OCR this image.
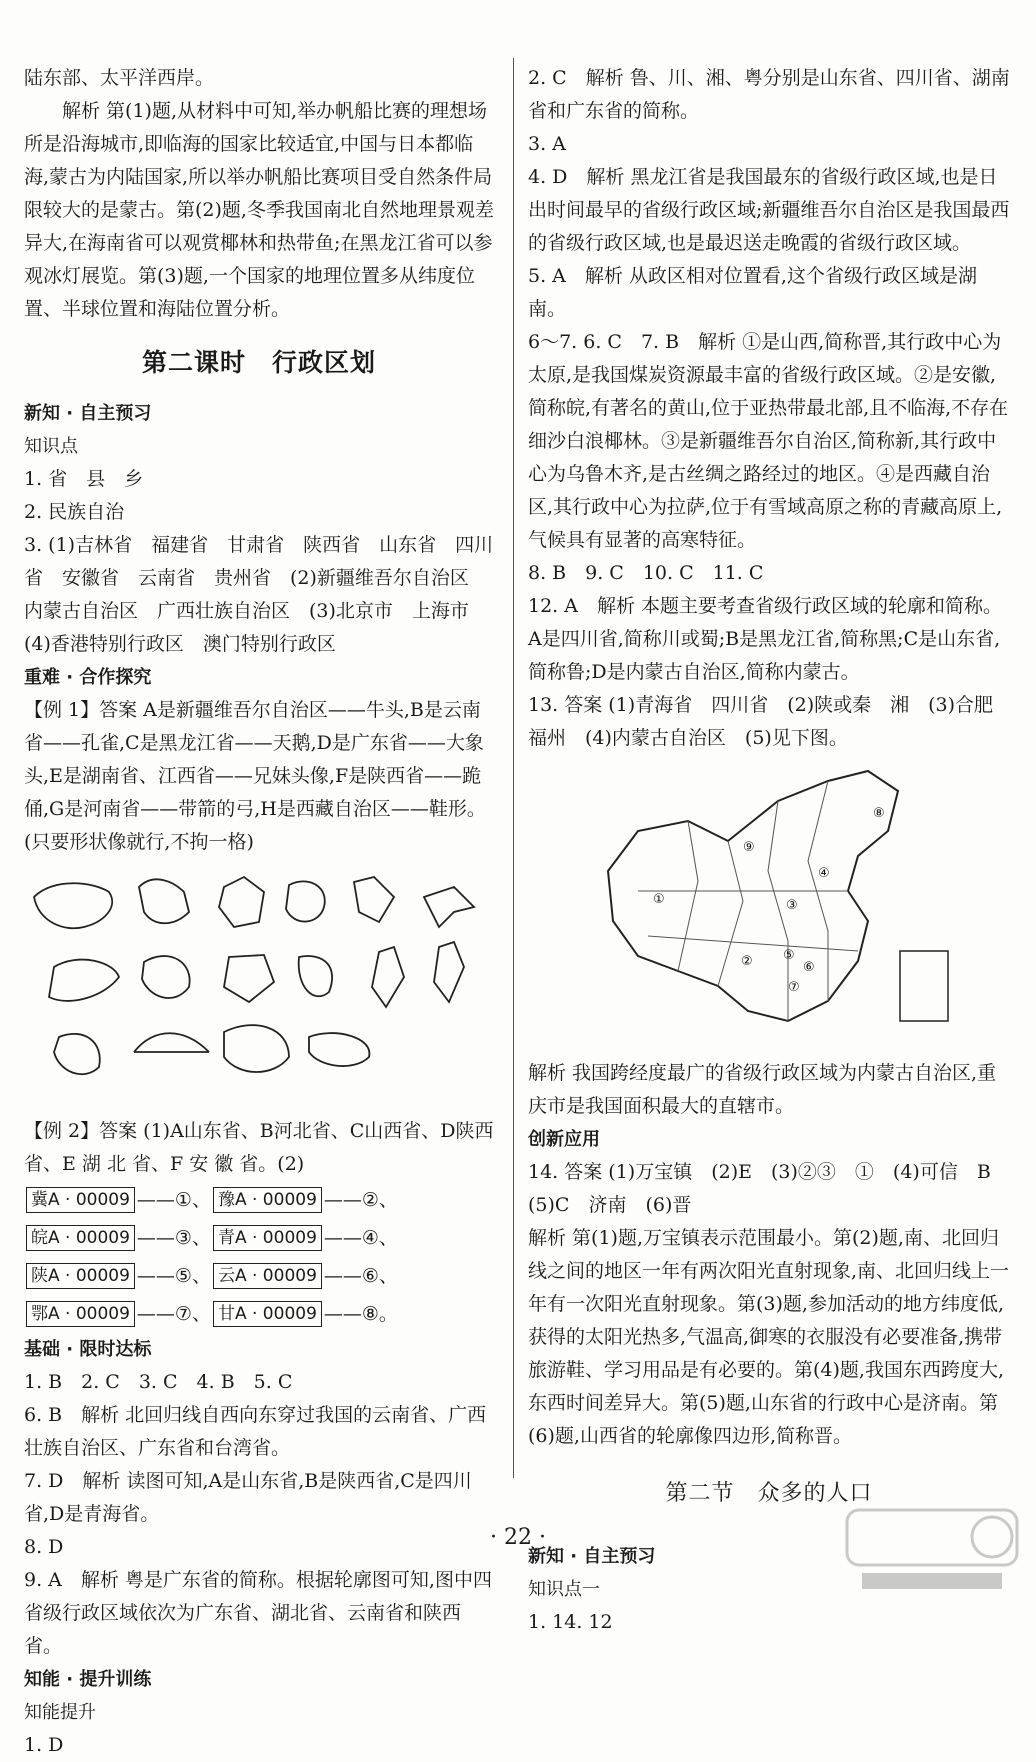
陆东部、太平洋西岸。

解析 第(1)题,从材料中可知,举办帆船比赛的理想场所是沿海城市,即临海的国家比较适宜,中国与日本都临海,蒙古为内陆国家,所以举办帆船比赛项目受自然条件局限较大的是蒙古。第(2)题,冬季我国南北自然地理景观差异大,在海南省可以观赏椰林和热带鱼;在黑龙江省可以参观冰灯展览。第(3)题,一个国家的地理位置多从纬度位置、半球位置和海陆位置分析。

第二课时　行政区划

新知 · 自主预习

知识点

1. 省　县　乡

2. 民族自治

3. (1)吉林省　福建省　甘肃省　陕西省　山东省　四川省　安徽省　云南省　贵州省　(2)新疆维吾尔自治区　内蒙古自治区　广西壮族自治区　(3)北京市　上海市　(4)香港特别行政区　澳门特别行政区

重难 · 合作探究

【例 1】答案 A是新疆维吾尔自治区——牛头,B是云南省——孔雀,C是黑龙江省——天鹅,D是广东省——大象头,E是湖南省、江西省——兄妹头像,F是陕西省——跪俑,G是河南省——带箭的弓,H是西藏自治区——鞋形。(只要形状像就行,不拘一格)

【例 2】答案 (1)A山东省、B河北省、C山西省、D陕西省、E 湖 北 省、F 安 徽 省。(2)

冀A · 00009 ——①、 豫A · 00009 ——②、
皖A · 00009 ——③、 青A · 00009 ——④、
陕A · 00009 ——⑤、 云A · 00009 ——⑥、
鄂A · 00009 ——⑦、 甘A · 00009 ——⑧。

基础 · 限时达标

1. B　2. C　3. C　4. B　5. C

6. B　解析 北回归线自西向东穿过我国的云南省、广西壮族自治区、广东省和台湾省。

7. D　解析 读图可知,A是山东省,B是陕西省,C是四川省,D是青海省。

8. D

9. A　解析 粤是广东省的简称。根据轮廓图可知,图中四省级行政区域依次为广东省、湖北省、云南省和陕西省。

知能 · 提升训练

知能提升

1. D

2. C　解析 鲁、川、湘、粤分别是山东省、四川省、湖南省和广东省的简称。

3. A

4. D　解析 黑龙江省是我国最东的省级行政区域,也是日出时间最早的省级行政区域;新疆维吾尔自治区是我国最西的省级行政区域,也是最迟送走晚霞的省级行政区域。

5. A　解析 从政区相对位置看,这个省级行政区域是湖南。

6～7. 6. C　7. B　解析 ①是山西,简称晋,其行政中心为太原,是我国煤炭资源最丰富的省级行政区域。②是安徽,简称皖,有著名的黄山,位于亚热带最北部,且不临海,不存在细沙白浪椰林。③是新疆维吾尔自治区,简称新,其行政中心为乌鲁木齐,是古丝绸之路经过的地区。④是西藏自治区,其行政中心为拉萨,位于有雪域高原之称的青藏高原上,气候具有显著的高寒特征。

8. B　9. C　10. C　11. C

12. A　解析 本题主要考查省级行政区域的轮廓和简称。A是四川省,简称川或蜀;B是黑龙江省,简称黑;C是山东省,简称鲁;D是内蒙古自治区,简称内蒙古。

13. 答案 (1)青海省　四川省　(2)陕或秦　湘　(3)合肥　福州　(4)内蒙古自治区　(5)见下图。

①
②
③
④
⑤
⑥
⑦
⑧
⑨

解析 我国跨经度最广的省级行政区域为内蒙古自治区,重庆市是我国面积最大的直辖市。

创新应用

14. 答案 (1)万宝镇　(2)E　(3)②③　①　(4)可信　B　(5)C　济南　(6)晋

解析 第(1)题,万宝镇表示范围最小。第(2)题,南、北回归线之间的地区一年有两次阳光直射现象,南、北回归线上一年有一次阳光直射现象。第(3)题,参加活动的地方纬度低,获得的太阳光热多,气温高,御寒的衣服没有必要准备,携带旅游鞋、学习用品是有必要的。第(4)题,我国东西跨度大,东西时间差异大。第(5)题,山东省的行政中心是济南。第(6)题,山西省的轮廓像四边形,简称晋。

第二节　众多的人口

新知 · 自主预习

知识点一

1. 14. 12

· 22 ·
